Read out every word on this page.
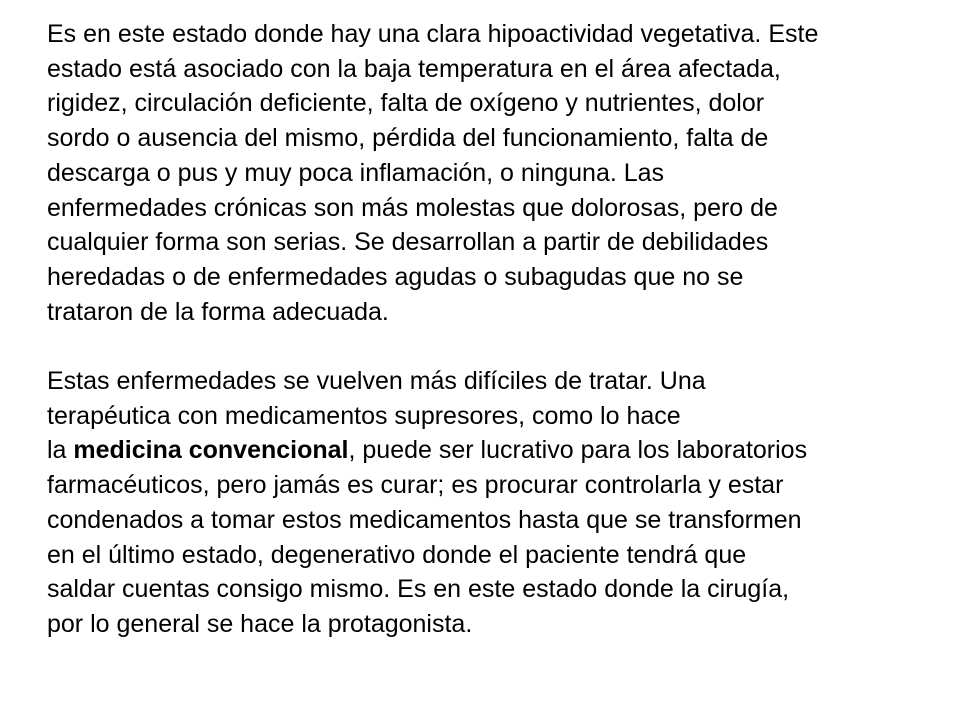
Es en este estado donde hay una clara hipoactividad vegetativa. Este
estado está asociado con la baja temperatura en el área afectada,
rigidez, circulación deficiente, falta de oxígeno y nutrientes, dolor
sordo o ausencia del mismo, pérdida del funcionamiento, falta de
descarga o pus y muy poca inflamación, o ninguna. Las
enfermedades crónicas son más molestas que dolorosas, pero de
cualquier forma son serias. Se desarrollan a partir de debilidades
heredadas o de enfermedades agudas o subagudas que no se
trataron de la forma adecuada.

Estas enfermedades se vuelven más difíciles de tratar. Una
terapéutica con medicamentos supresores, como lo hace
la medicina convencional, puede ser lucrativo para los laboratorios
farmacéuticos, pero jamás es curar; es procurar controlarla y estar
condenados a tomar estos medicamentos hasta que se transformen
en el último estado, degenerativo donde el paciente tendrá que
saldar cuentas consigo mismo. Es en este estado donde la cirugía,
por lo general se hace la protagonista.
